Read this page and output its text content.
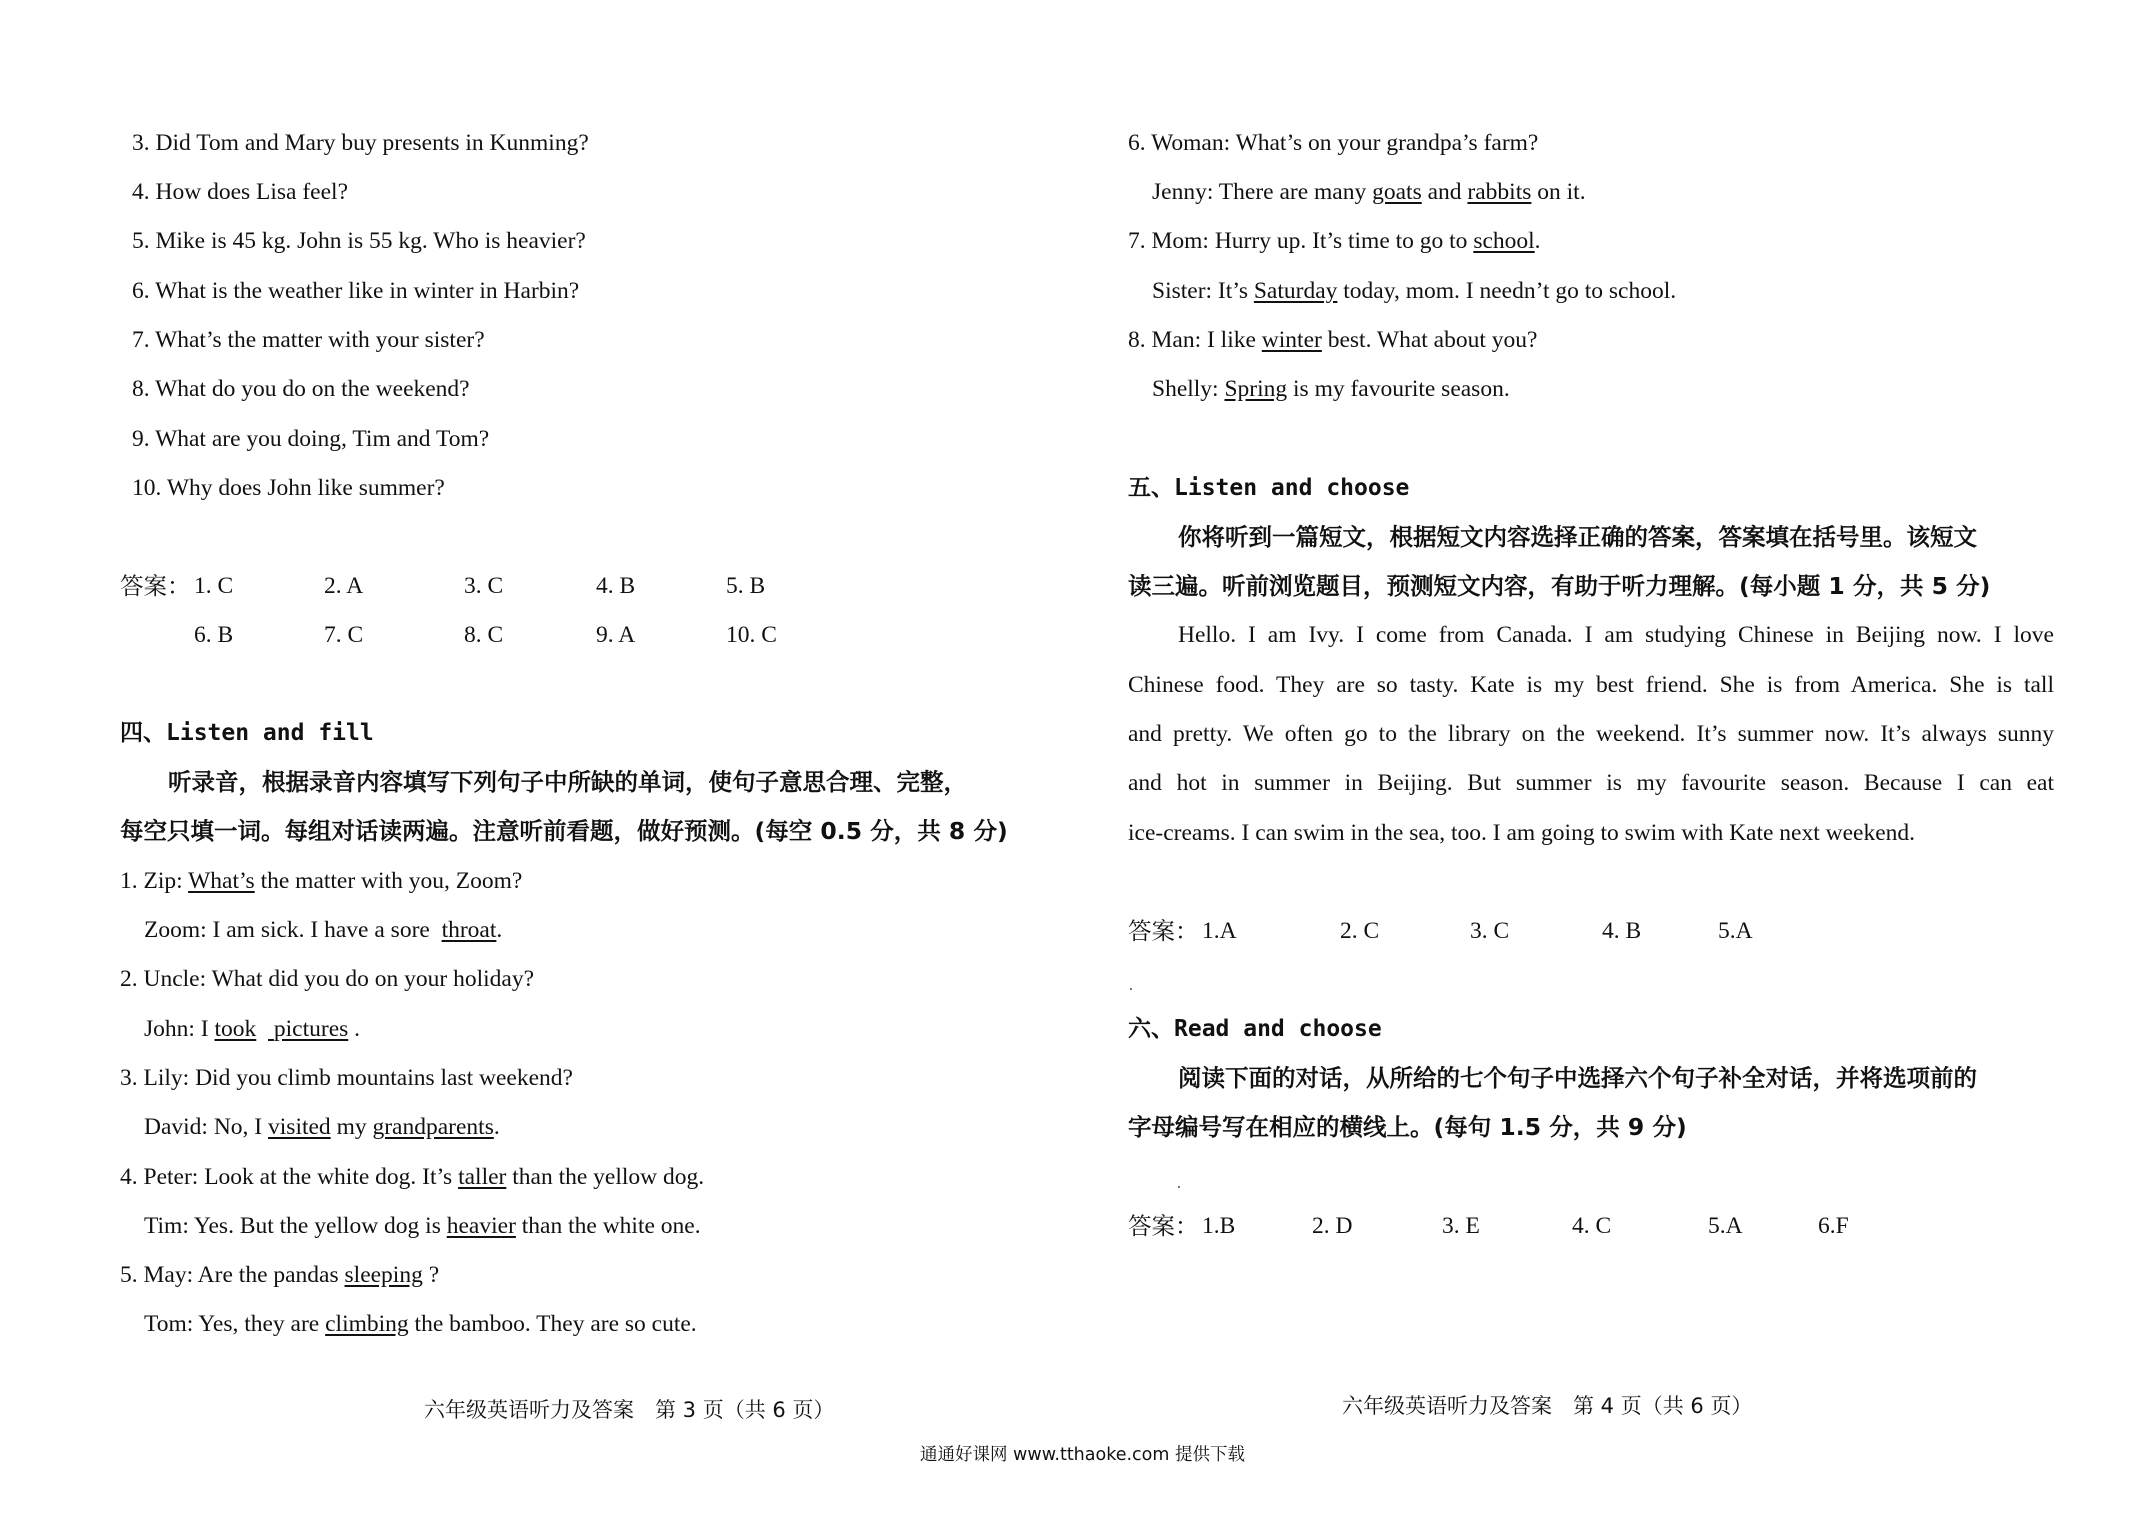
3. Did Tom and Mary buy presents in Kunming?
4. How does Lisa feel?
5. Mike is 45 kg. John is 55 kg. Who is heavier?
6. What is the weather like in winter in Harbin?
7. What’s the matter with your sister?
8. What do you do on the weekend?
9. What are you doing, Tim and Tom?
10. Why does John like summer?
答案： 1. C	2. A	3. C	4. B	5. B
6. B	7. C	8. C	9. A	10. C
四、Listen and fill
听录音，根据录音内容填写下列句子中所缺的单词，使句子意思合理、完整，
每空只填一词。每组对话读两遍。注意听前看题，做好预测。(每空 0.5 分，共 8 分)
1. Zip: What’s the matter with you, Zoom?
Zoom: I am sick. I have a sore  throat.
2. Uncle: What did you do on your holiday?
John: I took pictures .
3. Lily: Did you climb mountains last weekend?
David: No, I visited my grandparents.
4. Peter: Look at the white dog. It’s taller than the yellow dog.
Tim: Yes. But the yellow dog is heavier than the white one.
5. May: Are the pandas sleeping ?
Tom: Yes, they are climbing the bamboo. They are so cute.
六年级英语听力及答案　第 3 页（共 6 页）
6. Woman: What’s on your grandpa’s farm?
Jenny: There are many goats and rabbits on it.
7. Mom: Hurry up. It’s time to go to school.
Sister: It’s Saturday today, mom. I needn’t go to school.
8. Man: I like winter best. What about you?
Shelly: Spring is my favourite season.
五、Listen and choose
你将听到一篇短文，根据短文内容选择正确的答案，答案填在括号里。该短文
读三遍。听前浏览题目，预测短文内容，有助于听力理解。(每小题 1 分，共 5 分)
Hello. I am Ivy. I come from Canada. I am studying Chinese in Beijing now. I love
Chinese food. They are so tasty. Kate is my best friend. She is from America. She is tall
and pretty. We often go to the library on the weekend. It’s summer now. It’s always sunny
and hot in summer in Beijing. But summer is my favourite season. Because I can eat
ice-creams. I can swim in the sea, too. I am going to swim with Kate next weekend.
答案： 1.A	2. C	3. C	4. B	5.A
六、Read and choose
阅读下面的对话，从所给的七个句子中选择六个句子补全对话，并将选项前的
字母编号写在相应的横线上。(每句 1.5 分，共 9 分)
答案： 1.B	2. D	3. E	4. C	5.A	6.F
六年级英语听力及答案　第 4 页（共 6 页）
通通好课网 www.tthaoke.com 提供下载
